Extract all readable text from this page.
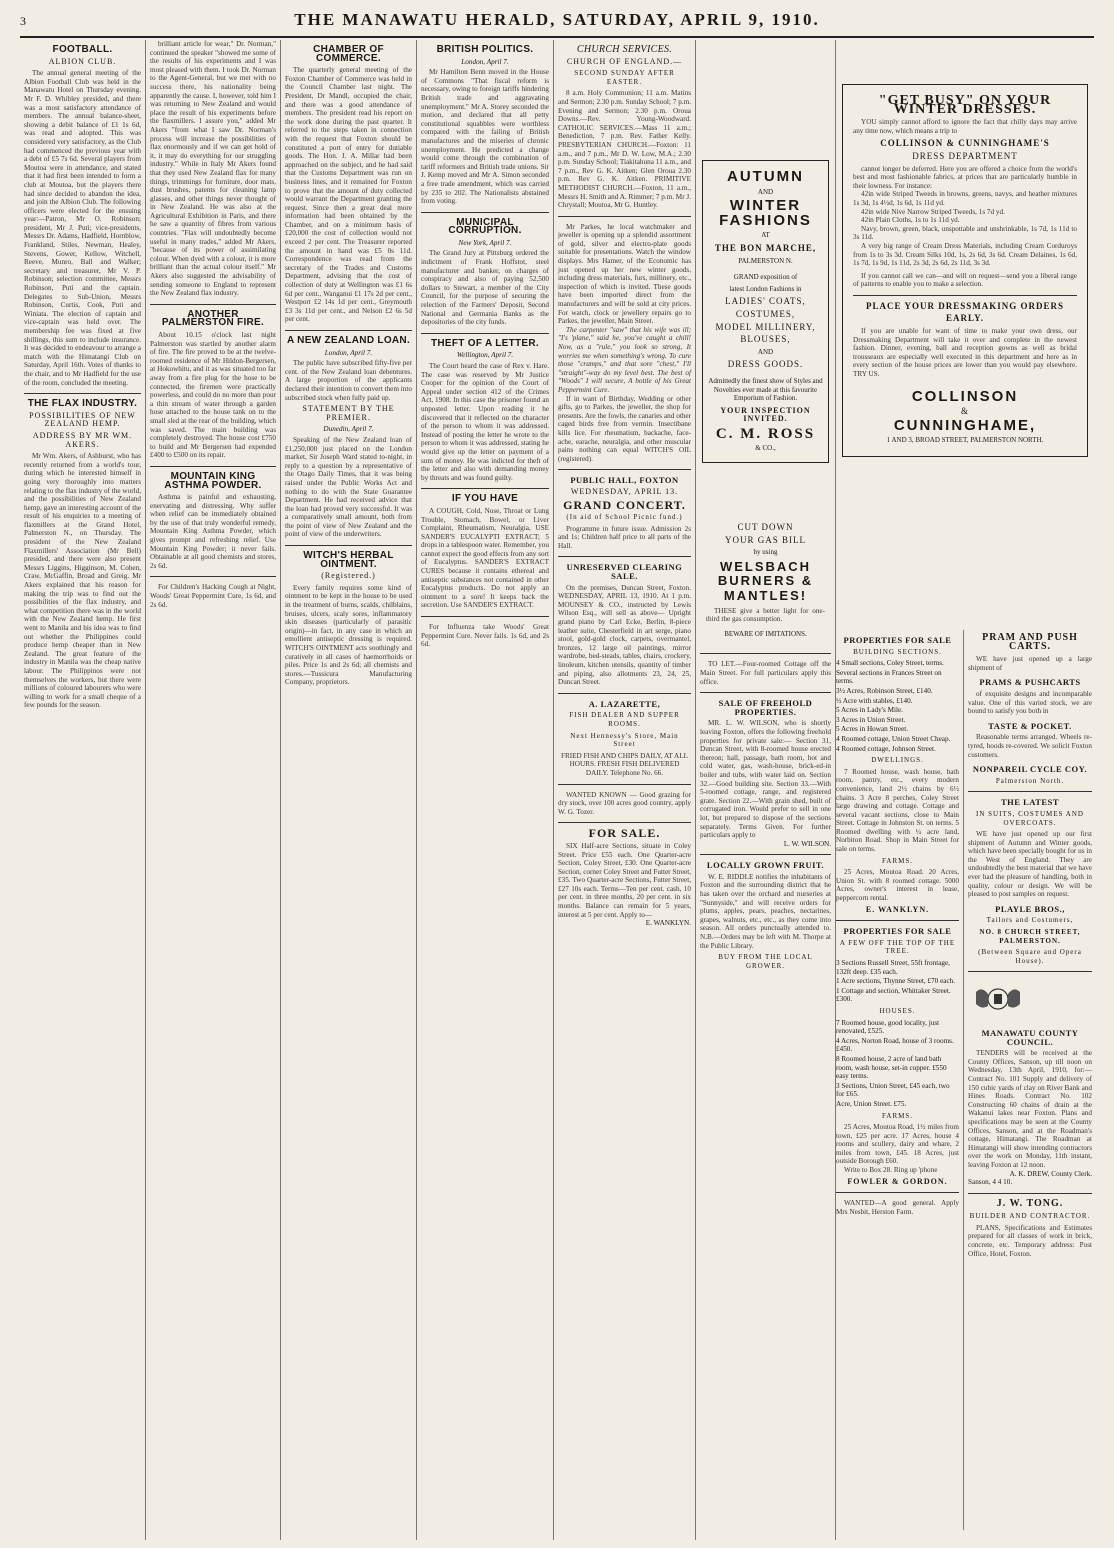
3	THE MANAWATU HERALD, SATURDAY, APRIL 9, 1910.
FOOTBALL.
ALBION CLUB.

The annual general meeting of the Albion Football Club was held in the Manawatu Hotel on Thursday evening. Mr F. D. Whibley presided, and there was a most satisfactory attendance of members. The annual balance-sheet, showing a debit balance of £1 1s 6d, was read and adopted. This was considered very satisfactory, as the Club had commenced the previous year with a debt of £5 7s 6d. Several players from Moutoa were in attendance, and stated that it had first been intended to form a club at Moutoa, but the players there had since decided to abandon the idea, and join the Albion Club. The following officers were elected for the ensuing year:—Patron, Mr O. Robinson; president, Mr J. Puti; vice-presidents, Messrs Dr. Adams, Hadfield, Hornblow, Frankland, Stiles, Newman, Healey, Stevens, Gower, Kellow, Witchell, Reeve, Munro, Ball and Walker; secretary and treasurer, Mr V. P. Robinson; selection committee, Messrs Robinson, Puti and the captain. Delegates to Sub-Union, Messrs Robinson, Curtis, Cook, Puti and Winiata. The election of captain and vice-captain was held over. The membership fee was fixed at five shillings, this sum to include insurance. It was decided to endeavour to arrange a match with the Himatangi Club on Saturday, April 16th. Votes of thanks to the chair, and to Mr Hadfield for the use of the room, concluded the meeting.

THE FLAX INDUSTRY.
POSSIBILITIES OF NEW ZEALAND HEMP.
ADDRESS BY MR WM. AKERS.

Mr Wm. Akers, of Ashburst, who has recently returned from a world's tour, during which he interested himself in going very thoroughly into matters relating to the flax industry of the world, and the possibilities of New Zealand hemp, gave an interesting account of the result of his enquiries to a meeting of flaxmillers at the Grand Hotel, Palmerston N., on Thursday. The president of the New Zealand Flaxmillers' Association (Mr Bell) presided, and there were also present Messrs Liggins, Higginson, M. Cohen, Craw, McGaffin, Broad and Greig. Mr Akers explained that his reason for making the trip was to find out the possibilities of the flax industry, and what competition there was in the world with the New Zealand hemp. He first went to Manila and his idea was to find out whether the Philippines could produce hemp cheaper than in New Zealand. The great feature of the industry in Manila was the cheap native labour. The Philippinos were not themselves the workers, but there were millions of coloured labourers who were willing to work for a small cheque of a few pounds for the season.

brilliant article for wear," Dr. Norman," continued the speaker "showed me some of the results of his experiments and I was most pleased with them. I took Dr. Norman to the Agent-General, but we met with no success there, his nationality being apparently the cause. I, however, told him I was returning to New Zealand and would place the result of his experiments before the flaxmillers. I assure you," added Mr Akers "from what I saw Dr. Norman's process will increase the possibilities of flax enormously and if we can get hold of it, it may do everything for our struggling industry." While in Italy Mr Akers found that they used New Zealand flax for many things, trimmings for furniture, door mats, dust brushes, patents for cleaning lamp glasses, and other things never thought of in New Zealand. He was also at the Agricultural Exhibition in Paris, and there he saw a quantity of fibres from various countries. "Flax will undoubtedly become useful in many trades," added Mr Akers, "because of its power of assimilating colour. When dyed with a colour, it is more brilliant than the actual colour itself." Mr Akers also suggested the advisability of sending someone to England to represent the New Zealand flax industry.

ANOTHER PALMERSTON FIRE.

About 10.15 o'clock last night Palmerston was startled by another alarm of fire. The fire proved to be at the twelve-roomed residence of Mr Hildon-Bergersen, at Hokowhitu, and it as was situated too far away from a fire plug for the hose to be connected, the firemen were practically powerless, and could do no more than pour a thin stream of water through a garden hose attached to the house tank on to the small sled at the rear of the building, which was saved. The main building was completely destroyed. The house cost £750 to build and Mr Bergersen had expended £400 to £500 on its repair.

MOUNTAIN KING ASTHMA POWDER.

Asthma is painful and exhausting, enervating and distressing. Why suffer when relief can be immediately obtained by the use of that truly wonderful remedy, Mountain King Asthma Powder, which gives prompt and refreshing relief. Use Mountain King Powder; it never fails. Obtainable at all good chemists and stores, 2s 6d.

For Children's Hacking Cough at Night, Woods' Great Peppermint Cure, 1s 6d, and 2s 6d.

CHAMBER OF COMMERCE.

The quarterly general meeting of the Foxton Chamber of Commerce was held in the Council Chamber last night. The President, Dr Mandl, occupied the chair, and there was a good attendance of members. The president read his report on the work done during the past quarter. It referred to the steps taken in connection with the request that Foxton should be constituted a port of entry for dutiable goods. The Hon. J. A. Millar had been approached on the subject, and he had said that the Customs Department was run on business lines, and it remained for Foxton to prove that the amount of duty collected would warrant the Department granting the request. Since then a great deal more information had been obtained by the Chamber, and on a minimum basis of £20,000 the cost of collection would not exceed 2 per cent. The Treasurer reported the amount in hand was £5 0s 11d. Correspondence was read from the secretary of the Trades and Customs Department, advising that the cost of collection of duty at Wellington was £1 6s 6d per cent., Wanganui £1 17s 2d per cent., Westport £2 14s 1d per cent., Greymouth £3 3s 11d per cent., and Nelson £2 6s 5d per cent.

A NEW ZEALAND LOAN.
London, April 7.

The public have subscribed fifty-five per cent. of the New Zealand loan debentures. A large proportion of the applicants declared their intention to convert them into subscribed stock when fully paid up.

STATEMENT BY THE PREMIER.
Dunedin, April 7.

Speaking of the New Zealand loan of £1,250,000 just placed on the London market, Sir Joseph Ward stated to-night, in reply to a question by a representative of the Otago Daily Times, that it was being raised under the Public Works Act and nothing to do with the State Guarantee Department. He had received advice that the loan had proved very successful. It was a comparatively small amount, both from the point of view of New Zealand and the point of view of the underwriters.

WITCH'S HERBAL OINTMENT.
(Registered.)

Every family requires some kind of ointment to be kept in the house to be used in the treatment of burns, scalds, chilblains, bruises, ulcers, scaly sores, inflammatory skin diseases (particularly of parasitic origin)—in fact, in any case in which an emollient antiseptic dressing is required. WITCH'S OINTMENT acts soothingly and curatively in all cases of haemorrhoids or piles. Price 1s and 2s 6d; all chemists and stores.—Tussicura Manufacturing Company, proprietors.

BRITISH POLITICS.
London, April 7.

Mr Hamilton Benn moved in the House of Commons "That fiscal reform is necessary, owing to foreign tariffs hindering British trade and aggravating unemployment." Mr A. Storey seconded the motion, and declared that all petty constitutional squabbles were worthless compared with the failing of British manufactures and the miseries of chronic unemployment. He predicted a change would come through the combination of tariff reformers and British trade unions. Sir J. Kemp moved and Mr A. Simon seconded a free trade amendment, which was carried by 235 to 202. The Nationalists abstained from voting.

MUNICIPAL CORRUPTION.
New York, April 7.

The Grand Jury at Pittsburg ordered the indictment of Frank Hoffstot, steel manufacturer and banker, on charges of conspiracy and also of paying 52,500 dollars to Stewart, a member of the City Council, for the purpose of securing the relection of the Farmers' Deposit, Second National and Germania Banks as the depositories of the city funds.

THEFT OF A LETTER.
Wellington, April 7.

The Court heard the case of Rex v. Hare. The case was reserved by Mr Justice Cooper for the opinion of the Court of Appeal under section 412 of the Crimes Act, 1908. In this case the prisoner found an unposted letter. Upon reading it he discovered that it reflected on the character of the person to whom it was addressed. Instead of posting the letter he wrote to the person to whom it was addressed, stating he would give up the letter on payment of a sum of money. He was indicted for theft of the letter and also with demanding money by threats and was found guilty.

IF YOU HAVE

A COUGH, Cold, Nose, Throat or Lung Trouble, Stomach, Bowel, or Liver Complaint, Rheumatism, Neuralgia, USE SANDER'S EUCALYPTI EXTRACT; 5 drops in a tablespoon water. Remember, you cannot expect the good effects from any sort of Eucalyptus. SANDER'S EXTRACT CURES because it contains ethereal and antiseptic substances not contained in other Eucalyptus products. Do not apply an ointment to a sore! It keeps back the secretion. Use SANDER'S EXTRACT.

For Influenza take Woods' Great Peppermint Cure. Never fails. 1s 6d, and 2s 6d.

CHURCH SERVICES.
CHURCH OF ENGLAND.—
SECOND SUNDAY AFTER EASTER.

8 a.m. Holy Communion; 11 a.m. Matins and Sermon; 2.30 p.m. Sunday School; 7 p.m. Evening and Sermon; 2.30 p.m. Oroua Downs.—Rev. Young-Woodward. CATHOLIC SERVICES.—Mass 11 a.m.; Benediction, 7 p.m. Rev. Father Kelly. PRESBYTERIAN CHURCH.—Foxton: 11 a.m., and 7 p.m., Mr D. W. Low, M.A.; 2.30 p.m. Sunday School; Tiakitahuna 11 a.m., and 7 p.m., Rev G. K. Aitken; Glen Oroua 2.30 p.m. Rev G. K. Aitken. PRIMITIVE METHODIST CHURCH.—Foxton, 11 a.m., Messrs H. Smith and A. Rimmer; 7 p.m. Mr J. Chrystall; Moutoa, Mr G. Huntley.

Mr Parkes, he local watchmaker and jeweller is opening up a splendid assortment of gold, silver and electro-plate goods suitable for presentations. Watch the window displays. Mrs Hamer, of the Economic has just opened up her new winter goods, including dress materials, furs, millinery, etc., inspection of which is invited. These goods have been imported direct from the manufacturers and will be sold at city prices. For watch, clock or jewellery repairs go to Parkes, the jeweller, Main Street.

The carpenter "saw" that his wife was ill; "I's 'plane," said he, you've caught a chill! Now, as a "rule," you look so strong, It worries me when something's wrong. To cure those "cramps," and that sore "chest," I'll "straight"-way do my level best. The best of "Woods" I will secure, A bottle of his Great Peppermint Cure.

If in want of Birthday, Wedding or other gifts, go to Parkes, the jeweller, the shop for presents. Are the fowls, the canaries and other caged birds free from vermin. Insectibane kills lice. For rheumatism, backache, face-ache, earache, neuralgia, and other muscular pains nothing can equal WITCH'S OIL (registered).

PUBLIC HALL, FOXTON
WEDNESDAY, APRIL 13.
GRAND CONCERT.
(In aid of School Picnic fund.)

Programme in future issue. Admission 2s and 1s; Children half price to all parts of the Hall.

UNRESERVED CLEARING SALE.

On the premises, Duncan Street, Foxton. WEDNESDAY, APRIL 13, 1910. At 1 p.m. MOUNSEY & CO., instructed by Lewis Wilson Esq., will sell as above— Upright grand piano by Carl Ecke, Berlin, 8-piece leather suite, Chesterfield in art serge, piano stool, gold-gold clock, carpets, overmantel, bronzes, 12 large oil paintings, mirror wardrobe, bed-steads, tables, chairs, crockery, linoleum, kitchen utensils, quantity of timber and piping, also allotments 23, 24, 25, Duncan Street.

A. LAZARETTE,
FISH DEALER AND SUPPER ROOMS.
Next Hennessy's Store, Main Street

FRIED FISH AND CHIPS DAILY, AT ALL HOURS. FRESH FISH DELIVERED DAILY. Telephone No. 66.

WANTED KNOWN — Good grazing for dry stock, over 100 acres good country, apply W. G. Tozer.

FOR SALE.

SIX Half-acre Sections, situate in Coley Street. Price £55 each. One Quarter-acre Section, Coley Street, £30. One Quarter-acre Section, corner Coley Street and Futter Street, £35. Two Quarter-acre Sections, Futter Street, £27 10s each. Terms—Ten per cent. cash, 10 per cent. in three months, 20 per cent. in six months. Balance can remain for 5 years, interest at 5 per cent. Apply to—

E. WANKLYN.
AUTUMN
AND
WINTER
FASHIONS
AT
THE BON MARCHE,
PALMERSTON N.
GRAND exposition of
latest London Fashions in
LADIES' COATS,
COSTUMES,
MODEL MILLINERY,
BLOUSES,
AND
DRESS GOODS.
Admittedly the finest show of Styles and Novelties ever made at this favourite Emporium of Fashion.
YOUR INSPECTION INVITED.
C. M. ROSS
& CO.,
CUT DOWN
YOUR GAS BILL
by using
WELSBACH
BURNERS &
MANTLES!

THESE give a better light for one-third the gas consumption.

BEWARE OF IMITATIONS.

TO LET.—Four-roomed Cottage off the Main Street. For full particulars apply this office.

SALE OF FREEHOLD PROPERTIES.

MR. L. W. WILSON, who is shortly leaving Foxton, offers the following freehold properties for private sale:— Section 31, Duncan Street, with 8-roomed house erected thereon; hall, passage, bath room, hot and cold water, gas, wash-house, brick-ed-in boiler and tubs, with water laid on. Section 32.—Good building site. Section 33.—With 5-roomed cottage, range, and registered grate. Section 22.—With grain shed, built of corrugated iron. Would prefer to sell in one lot, but prepared to dispose of the sections separately. Terms Given. For further particulars apply to

L. W. WILSON.
LOCALLY GROWN FRUIT.

W. E. RIDDLE notifies the inhabitants of Foxton and the surrounding district that he has taken over the orchard and nurseries at "Sunnyside," and will receive orders for plums, apples, pears, peaches, nectarines, grapes, walnuts, etc., etc., as they come into season. All orders punctually attended to. N.B.—Orders may be left with M. Thorpe at the Public Library.

BUY FROM THE LOCAL GROWER.
"GET BUSY" ON YOUR WINTER DRESSES.

YOU simply cannot afford to ignore the fact that chilly days may arrive any time now, which means a trip to

COLLINSON & CUNNINGHAME'S
DRESS DEPARTMENT

cannot longer be deferred. Here you are offered a choice from the world's best and most fashionable fabrics, at prices that are particularly humble in their lowness. For instance:

42in wide Striped Tweeds in browns, greens, navys, and heather mixtures 1s 3d, 1s 4½d, 1s 6d, 1s 11d yd.

42in wide Nive Narrow Striped Tweeds, 1s 7d yd.

42in Plain Cloths, 1s to 1s 11d yd.

Navy, brown, green, black, unspottable and unshrinkable, 1s 7d, 1s 11d to 3s 11d.

A very big range of Cream Dress Materials, including Cream Corduroys from 1s to 3s 3d. Cream Silks 10d, 1s, 2s 6d, 3s 6d. Cream Delaines, 1s 6d, 1s 7d, 1s 9d, 1s 11d, 2s 3d, 2s 6d, 2s 11d, 3s 3d.

If you cannot call we can—and will on request—send you a liberal range of patterns to enable you to make a selection.

PLACE YOUR DRESSMAKING ORDERS
EARLY.

If you are unable for want of time to make your own dress, our Dressmaking Department will take it over and complete in the newest fashion. Dinner, evening, ball and reception gowns as well as bridal trousseaux are especially well executed in this department and here as in every section of the house prices are lower than you would pay elsewhere. TRY US.

COLLINSON
&
CUNNINGHAME,
1 AND 3, BROAD STREET, PALMERSTON NORTH.
PROPERTIES FOR SALE
BUILDING SECTIONS.
4 Small sections, Coley Street, terms.
Several sections in Frances Street on terms.
3½ Acres, Robinson Street, £140.
½ Acre with stables, £140.
5 Acres in Lady's Mile.
3 Acres in Union Street.
5 Acres in Howan Street.
4 Roomed cottage, Union Street Cheap.
4 Roomed cottage, Johnson Street.
DWELLINGS.

7 Roomed house, wash house, bath room, pantry, etc., every modern convenience, land 2½ chains by 6½ chains. 3 Acre 8 perches, Coley Street large drawing and cottage. Cottage and several vacant sections, close to Main Street. Cottage in Johnston St. on terms. 5 Roomed dwelling with ¼ acre land, Norbiton Road. Shop in Main Street for sale on terms.

FARMS.

25 Acres, Moutoa Road. 20 Acres, Union St. with 8 roomed cottage. 5000 Acres, owner's interest in lease, peppercorn rental.

E. WANKLYN.
PROPERTIES FOR SALE
A FEW OFF THE TOP OF THE TREE.
3 Sections Russell Street, 55ft frontage, 132ft deep. £35 each.
1 Acre sections, Thynne Street, £70 each.
1 Cottage and section, Whittaker Street. £300.
HOUSES.
7 Roomed house, good locality, just renovated, £525.
4 Acres, Norton Road, house of 3 rooms. £450.
8 Roomed house, 2 acre of land bath room, wash house, set-in copper. £550 easy terms.
3 Sections, Union Street, £45 each, two for £65.
Acre, Union Street. £75.
FARMS.

25 Acres, Moutoa Road, 1½ miles from town, £25 per acre. 17 Acres, house 4 rooms and scullery, dairy and whare, 2 miles from town, £45. 18 Acres, just outside Borough £60.

Write to Box 28. Ring up 'phone

FOWLER & GORDON.

WANTED—A good general. Apply Mrs Nesbit, Herston Farm.

PRAM AND PUSH CARTS.

WE have just opened up a large shipment of

PRAMS & PUSHCARTS

of exquisite designs and incomparable value. One of this varied stock, we are bound to satisfy you both in

TASTE & POCKET.

Reasonable terms arranged. Wheels re-tyred, hoods re-covered. We solicit Foxton customers.

NONPAREIL CYCLE COY.
Palmerston North.
THE LATEST
IN SUITS, COSTUMES AND OVERCOATS.

WE have just opened up our first shipment of Autumn and Winter goods, which have been specially bought for us in the West of England. They are undoubtedly the best material that we have ever had the pleasure of handling, both in quality, colour or design. We will be pleased to post samples on request.

PLAYLE BROS.,
Tailors and Costumers,
NO. 8 CHURCH STREET, PALMERSTON.
(Between Square and Opera House).
MANAWATU COUNTY COUNCIL.

TENDERS will be received at the County Offices, Sanson, up till noon on Wednesday, 13th April, 1910, for:— Contract No. 101 Supply and delivery of 150 cubic yards of clay on River Bank and Hines Roads. Contract No. 102 Constructing 60 chains of drain at the Wakanui lakes near Foxton. Plans and specifications may be seen at the County Offices, Sanson, and at the Roadman's cottage, Himatangi. The Roadman at Himatangi will show intending contractors over the work on Monday, 11th instant, leaving Foxton at 12 noon.

A. K. DREW, County Clerk.
Sanson, 4 4 10.
J. W. TONG.
BUILDER AND CONTRACTOR.

PLANS, Specifications and Estimates prepared for all classes of work in brick, concrete, etc. Temporary address: Post Office, Hotel, Foxton.
